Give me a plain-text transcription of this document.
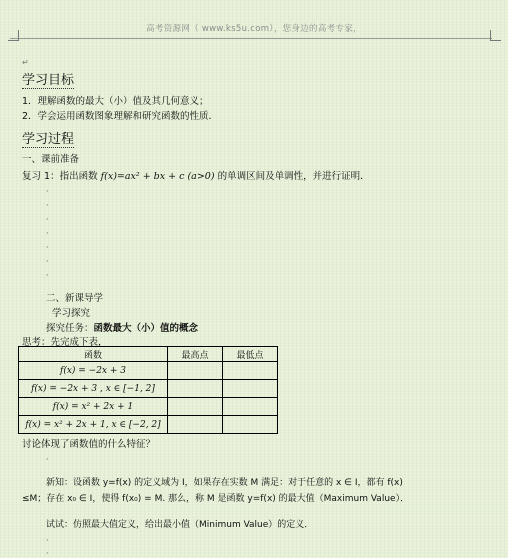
高考资源网（ www.ks5u.com），您身边的高考专家，
↵
学习目标
1．理解函数的最大（小）值及其几何意义；
2．学会运用函数图象理解和研究函数的性质．
学习过程
一、课前准备
复习 1：指出函数 f(x)=ax² + bx + c (a>0) 的单调区间及单调性，并进行证明．
,
,
,
,
,
,
,
二、新课导学
学习探究
探究任务：函数最大（小）值的概念
思考：先完成下表，
函数	最高点	最低点
f(x) = −2x + 3		
f(x) = −2x + 3 , x ∈ [−1, 2]		
f(x) = x² + 2x + 1		
f(x) = x² + 2x + 1, x ∈ [−2, 2]		
讨论体现了函数值的什么特征？
,
新知：设函数 y=f(x) 的定义域为 I，如果存在实数 M 满足：对于任意的 x ∈ I，都有 f(x)
≤M；存在 x₀ ∈ I，使得 f(x₀) = M. 那么，称 M 是函数 y=f(x) 的最大值（Maximum Value）．
试试：仿照最大值定义，给出最小值（Minimum Value）的定义．
,
,
